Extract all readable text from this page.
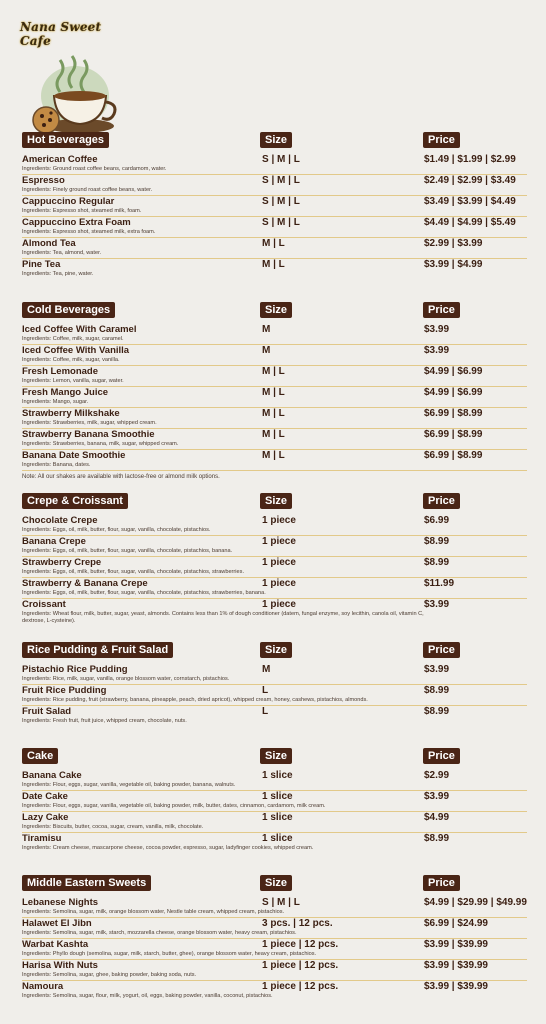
Nana Sweet Cafe
Hot Beverages	Size	Price
American Coffee
Ingredients: Ground roast coffee beans, cardamom, water.
S | M | L	$1.49 | $1.99 | $2.99
Espresso
Ingredients: Finely ground roast coffee beans, water.
S | M | L	$2.49 | $2.99 | $3.49
Cappuccino Regular
Ingredients: Espresso shot, steamed milk, foam.
S | M | L	$3.49 | $3.99 | $4.49
Cappuccino Extra Foam
Ingredients: Espresso shot, steamed milk, extra foam.
S | M | L	$4.49 | $4.99 | $5.49
Almond Tea
Ingredients: Tea, almond, water.
M | L	$2.99 | $3.99
Pine Tea
Ingredients: Tea, pine, water.
M | L	$3.99 | $4.99
Cold Beverages	Size	Price
Iced Coffee With Caramel
Ingredients: Coffee, milk, sugar, caramel.
M	$3.99
Iced Coffee With Vanilla
Ingredients: Coffee, milk, sugar, vanilla.
M	$3.99
Fresh Lemonade
Ingredients: Lemon, vanilla, sugar, water.
M | L	$4.99 | $6.99
Fresh Mango Juice
Ingredients: Mango, sugar.
M | L	$4.99 | $6.99
Strawberry Milkshake
Ingredients: Strawberries, milk, sugar, whipped cream.
M | L	$6.99 | $8.99
Strawberry Banana Smoothie
Ingredients: Strawberries, banana, milk, sugar, whipped cream.
M | L	$6.99 | $8.99
Banana Date Smoothie
Ingredients: Banana, dates.
M | L	$6.99 | $8.99
Note: All our shakes are available with lactose-free or almond milk options.
Crepe & Croissant	Size	Price
Chocolate Crepe
Ingredients: Eggs, oil, milk, butter, flour, sugar, vanilla, chocolate, pistachios.
1 piece	$6.99
Banana Crepe
Ingredients: Eggs, oil, milk, butter, flour, sugar, vanilla, chocolate, pistachios, banana.
1 piece	$8.99
Strawberry Crepe
Ingredients: Eggs, oil, milk, butter, flour, sugar, vanilla, chocolate, pistachios, strawberries.
1 piece	$8.99
Strawberry & Banana Crepe
Ingredients: Eggs, oil, milk, butter, flour, sugar, vanilla, chocolate, pistachios, strawberries, banana.
1 piece	$11.99
Croissant
Ingredients: Wheat flour, milk, butter, sugar, yeast, almonds. Contains less than 1% of dough conditioner (datem, fungal enzyme, soy lecithin, canola oil, vitamin C, dextrose, L-cysteine).
1 piece	$3.99
Rice Pudding & Fruit Salad	Size	Price
Pistachio Rice Pudding
Ingredients: Rice, milk, sugar, vanilla, orange blossom water, cornstarch, pistachios.
M	$3.99
Fruit Rice Pudding
Ingredients: Rice pudding, fruit (strawberry, banana, pineapple, peach, dried apricot), whipped cream, honey, cashews, pistachios, almonds.
L	$8.99
Fruit Salad
Ingredients: Fresh fruit, fruit juice, whipped cream, chocolate, nuts.
L	$8.99
Cake	Size	Price
Banana Cake
Ingredients: Flour, eggs, sugar, vanilla, vegetable oil, baking powder, banana, walnuts.
1 slice	$2.99
Date Cake
Ingredients: Flour, eggs, sugar, vanilla, vegetable oil, baking powder, milk, butter, dates, cinnamon, cardamom, milk cream.
1 slice	$3.99
Lazy Cake
Ingredients: Biscuits, butter, cocoa, sugar, cream, vanilla, milk, chocolate.
1 slice	$4.99
Tiramisu
Ingredients: Cream cheese, mascarpone cheese, cocoa powder, espresso, sugar, ladyfinger cookies, whipped cream.
1 slice	$8.99
Middle Eastern Sweets	Size	Price
Lebanese Nights
Ingredients: Semolina, sugar, milk, orange blossom water, Nestle table cream, whipped cream, pistachios.
S | M | L	$4.99 | $29.99 | $49.99
Halawet El Jibn
Ingredients: Semolina, sugar, milk, starch, mozzarella cheese, orange blossom water, heavy cream, pistachios.
3 pcs. | 12 pcs.	$6.99 | $24.99
Warbat Kashta
Ingredients: Phyllo dough (semolina, sugar, milk, starch, butter, ghee), orange blossom water, heavy cream, pistachios.
1 piece | 12 pcs.	$3.99 | $39.99
Harisa With Nuts
Ingredients: Semolina, sugar, ghee, baking powder, baking soda, nuts.
1 piece | 12 pcs.	$3.99 | $39.99
Namoura
Ingredients: Semolina, sugar, flour, milk, yogurt, oil, eggs, baking powder, vanilla, coconut, pistachios.
1 piece | 12 pcs.	$3.99 | $39.99
